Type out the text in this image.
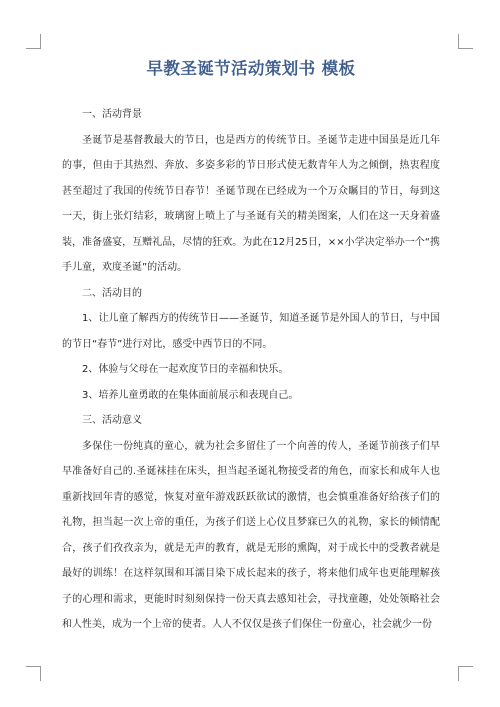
早教圣诞节活动策划书 模板

一、活动背景

圣诞节是基督教最大的节日，也是西方的传统节日。圣诞节走进中国虽是近几年的事，但由于其热烈、奔放、多姿多彩的节日形式使无数青年人为之倾倒，热衷程度甚至超过了我国的传统节日春节！圣诞节现在已经成为一个万众瞩目的节日，每到这一天，街上张灯结彩，玻璃窗上喷上了与圣诞有关的精美图案，人们在这一天身着盛装，准备盛宴，互赠礼品，尽情的狂欢。为此在12月25日，××小学决定举办一个“携手儿童，欢度圣诞”的活动。

二、活动目的

1、让儿童了解西方的传统节日——圣诞节，知道圣诞节是外国人的节日，与中国的节日“春节”进行对比，感受中西节日的不同。

2、体验与父母在一起欢度节日的幸福和快乐。

3、培养儿童勇敢的在集体面前展示和表现自己。

三、活动意义

多保住一份纯真的童心，就为社会多留住了一个向善的传人，圣诞节前孩子们早早准备好自己的.圣诞袜挂在床头，担当起圣诞礼物接受者的角色，而家长和成年人也重新找回年青的感觉，恢复对童年游戏跃跃欲试的激情，也会慎重准备好给孩子们的礼物，担当起一次上帝的重任，为孩子们送上心仪且梦寐已久的礼物，家长的倾情配合，孩子们孜孜亲为，就是无声的教育，就是无形的熏陶，对于成长中的受教者就是最好的训练！在这样氛围和耳濡目染下成长起来的孩子，将来他们成年也更能理解孩子的心理和需求，更能时时刻刻保持一份天真去感知社会，寻找童趣，处处领略社会和人性美，成为一个上帝的使者。人人不仅仅是孩子们保住一份童心，社会就少一份
